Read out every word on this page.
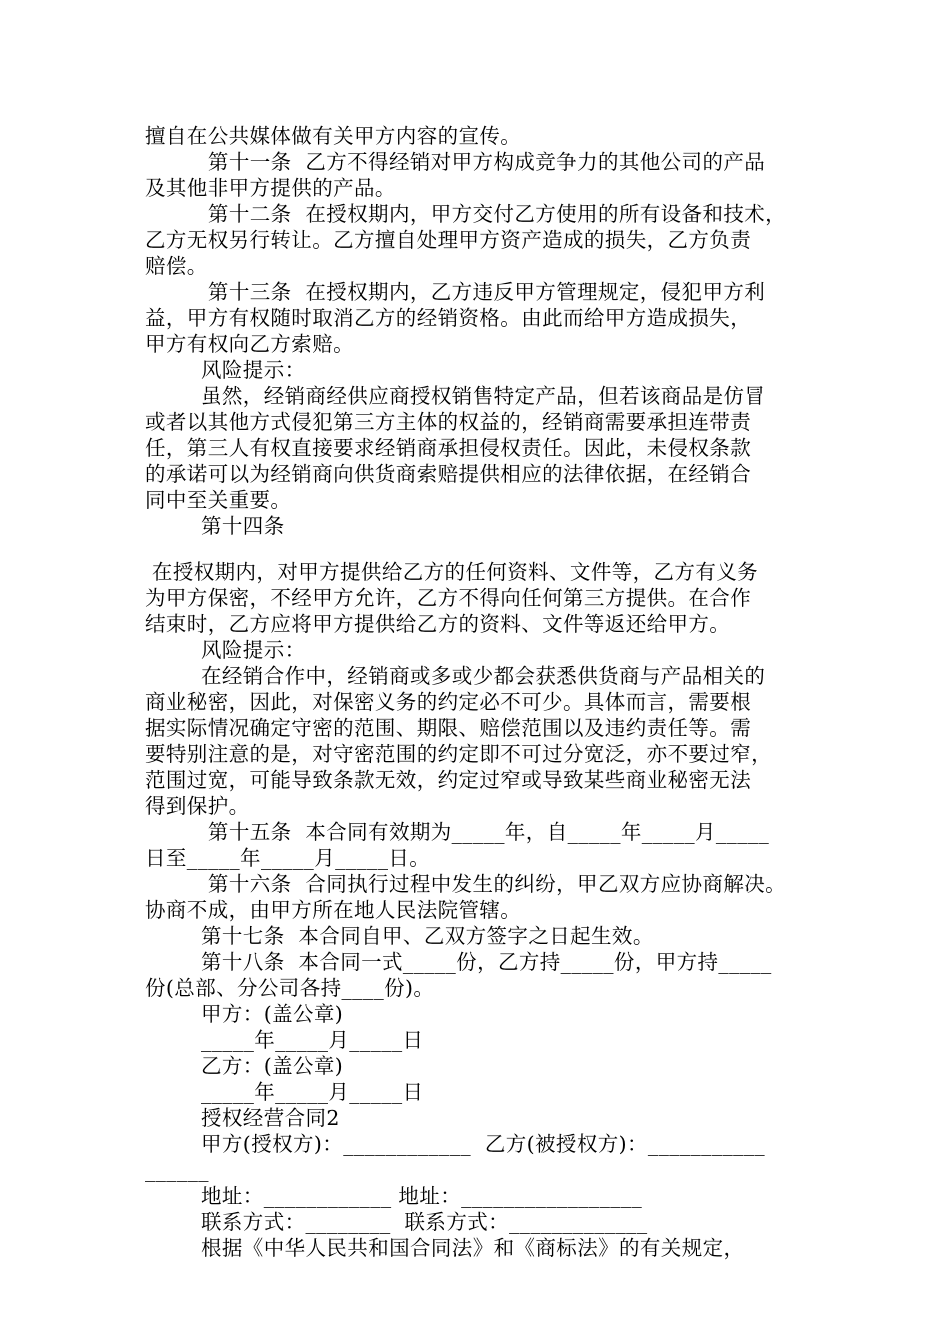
擅自在公共媒体做有关甲方内容的宣传。
第十一条  乙方不得经销对甲方构成竞争力的其他公司的产品
及其他非甲方提供的产品。
第十二条  在授权期内，甲方交付乙方使用的所有设备和技术，
乙方无权另行转让。乙方擅自处理甲方资产造成的损失，乙方负责
赔偿。
第十三条  在授权期内，乙方违反甲方管理规定，侵犯甲方利
益，甲方有权随时取消乙方的经销资格。由此而给甲方造成损失，
甲方有权向乙方索赔。
风险提示：
虽然，经销商经供应商授权销售特定产品，但若该商品是仿冒
或者以其他方式侵犯第三方主体的权益的，经销商需要承担连带责
任，第三人有权直接要求经销商承担侵权责任。因此，未侵权条款
的承诺可以为经销商向供货商索赔提供相应的法律依据，在经销合
同中至关重要。
第十四条
在授权期内，对甲方提供给乙方的任何资料、文件等，乙方有义务
为甲方保密，不经甲方允许，乙方不得向任何第三方提供。在合作
结束时，乙方应将甲方提供给乙方的资料、文件等返还给甲方。
风险提示：
在经销合作中，经销商或多或少都会获悉供货商与产品相关的
商业秘密，因此，对保密义务的约定必不可少。具体而言，需要根
据实际情况确定守密的范围、期限、赔偿范围以及违约责任等。需
要特别注意的是，对守密范围的约定即不可过分宽泛，亦不要过窄，
范围过宽，可能导致条款无效，约定过窄或导致某些商业秘密无法
得到保护。
第十五条  本合同有效期为_____年，自_____年_____月_____
日至_____年_____月_____日。
第十六条  合同执行过程中发生的纠纷，甲乙双方应协商解决。
协商不成，由甲方所在地人民法院管辖。
第十七条  本合同自甲、乙双方签字之日起生效。
第十八条  本合同一式_____份，乙方持_____份，甲方持_____
份(总部、分公司各持____份)。
甲方：(盖公章)
_____年_____月_____日
乙方：(盖公章)
_____年_____月_____日
授权经营合同2
甲方(授权方)：____________  乙方(被授权方)：___________
______
地址：____________ 地址：_________________
联系方式：________  联系方式：_____________
根据《中华人民共和国合同法》和《商标法》的有关规定，
